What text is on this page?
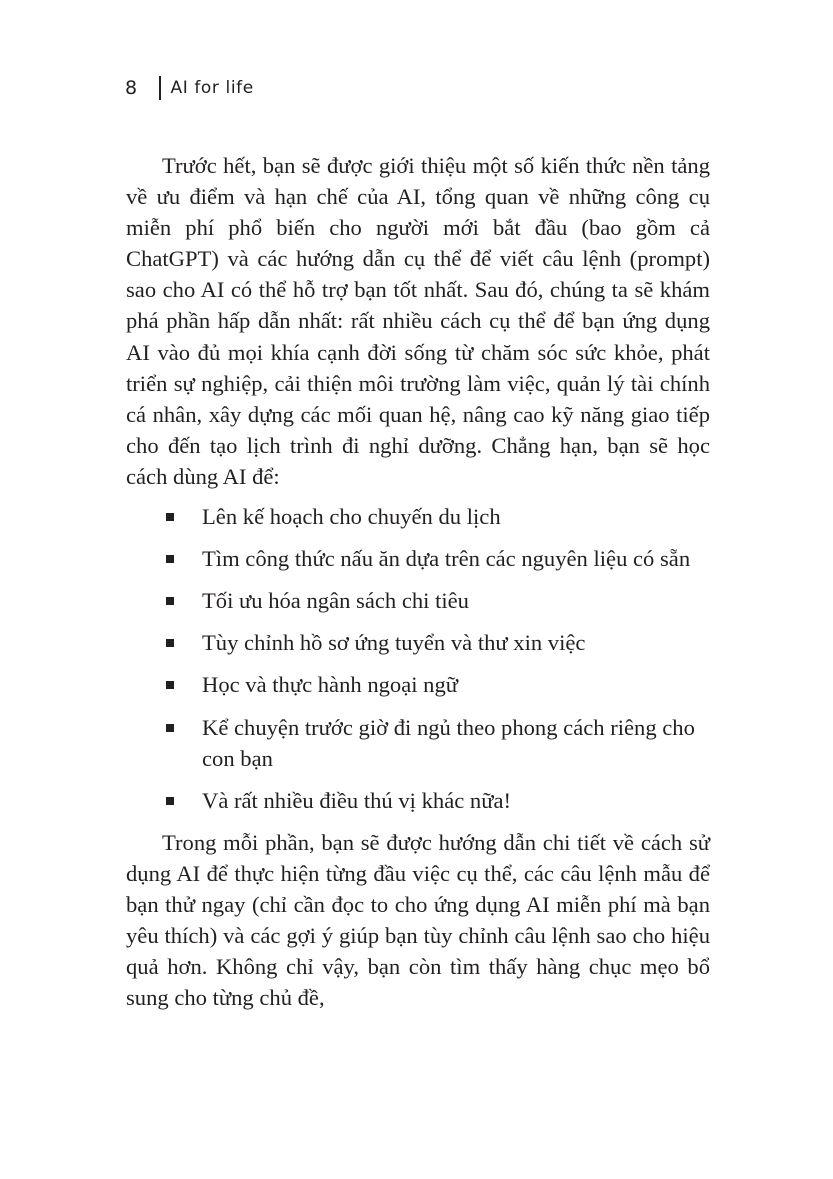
8	AI for life

Trước hết, bạn sẽ được giới thiệu một số kiến thức nền tảng về ưu điểm và hạn chế của AI, tổng quan về những công cụ miễn phí phổ biến cho người mới bắt đầu (bao gồm cả ChatGPT) và các hướng dẫn cụ thể để viết câu lệnh (prompt) sao cho AI có thể hỗ trợ bạn tốt nhất. Sau đó, chúng ta sẽ khám phá phần hấp dẫn nhất: rất nhiều cách cụ thể để bạn ứng dụng AI vào đủ mọi khía cạnh đời sống từ chăm sóc sức khỏe, phát triển sự nghiệp, cải thiện môi trường làm việc, quản lý tài chính cá nhân, xây dựng các mối quan hệ, nâng cao kỹ năng giao tiếp cho đến tạo lịch trình đi nghỉ dưỡng. Chẳng hạn, bạn sẽ học cách dùng AI để:

Lên kế hoạch cho chuyến du lịch
Tìm công thức nấu ăn dựa trên các nguyên liệu có sẵn
Tối ưu hóa ngân sách chi tiêu
Tùy chỉnh hồ sơ ứng tuyển và thư xin việc
Học và thực hành ngoại ngữ
Kể chuyện trước giờ đi ngủ theo phong cách riêng cho con bạn
Và rất nhiều điều thú vị khác nữa!

Trong mỗi phần, bạn sẽ được hướng dẫn chi tiết về cách sử dụng AI để thực hiện từng đầu việc cụ thể, các câu lệnh mẫu để bạn thử ngay (chỉ cần đọc to cho ứng dụng AI miễn phí mà bạn yêu thích) và các gợi ý giúp bạn tùy chỉnh câu lệnh sao cho hiệu quả hơn. Không chỉ vậy, bạn còn tìm thấy hàng chục mẹo bổ sung cho từng chủ đề,
